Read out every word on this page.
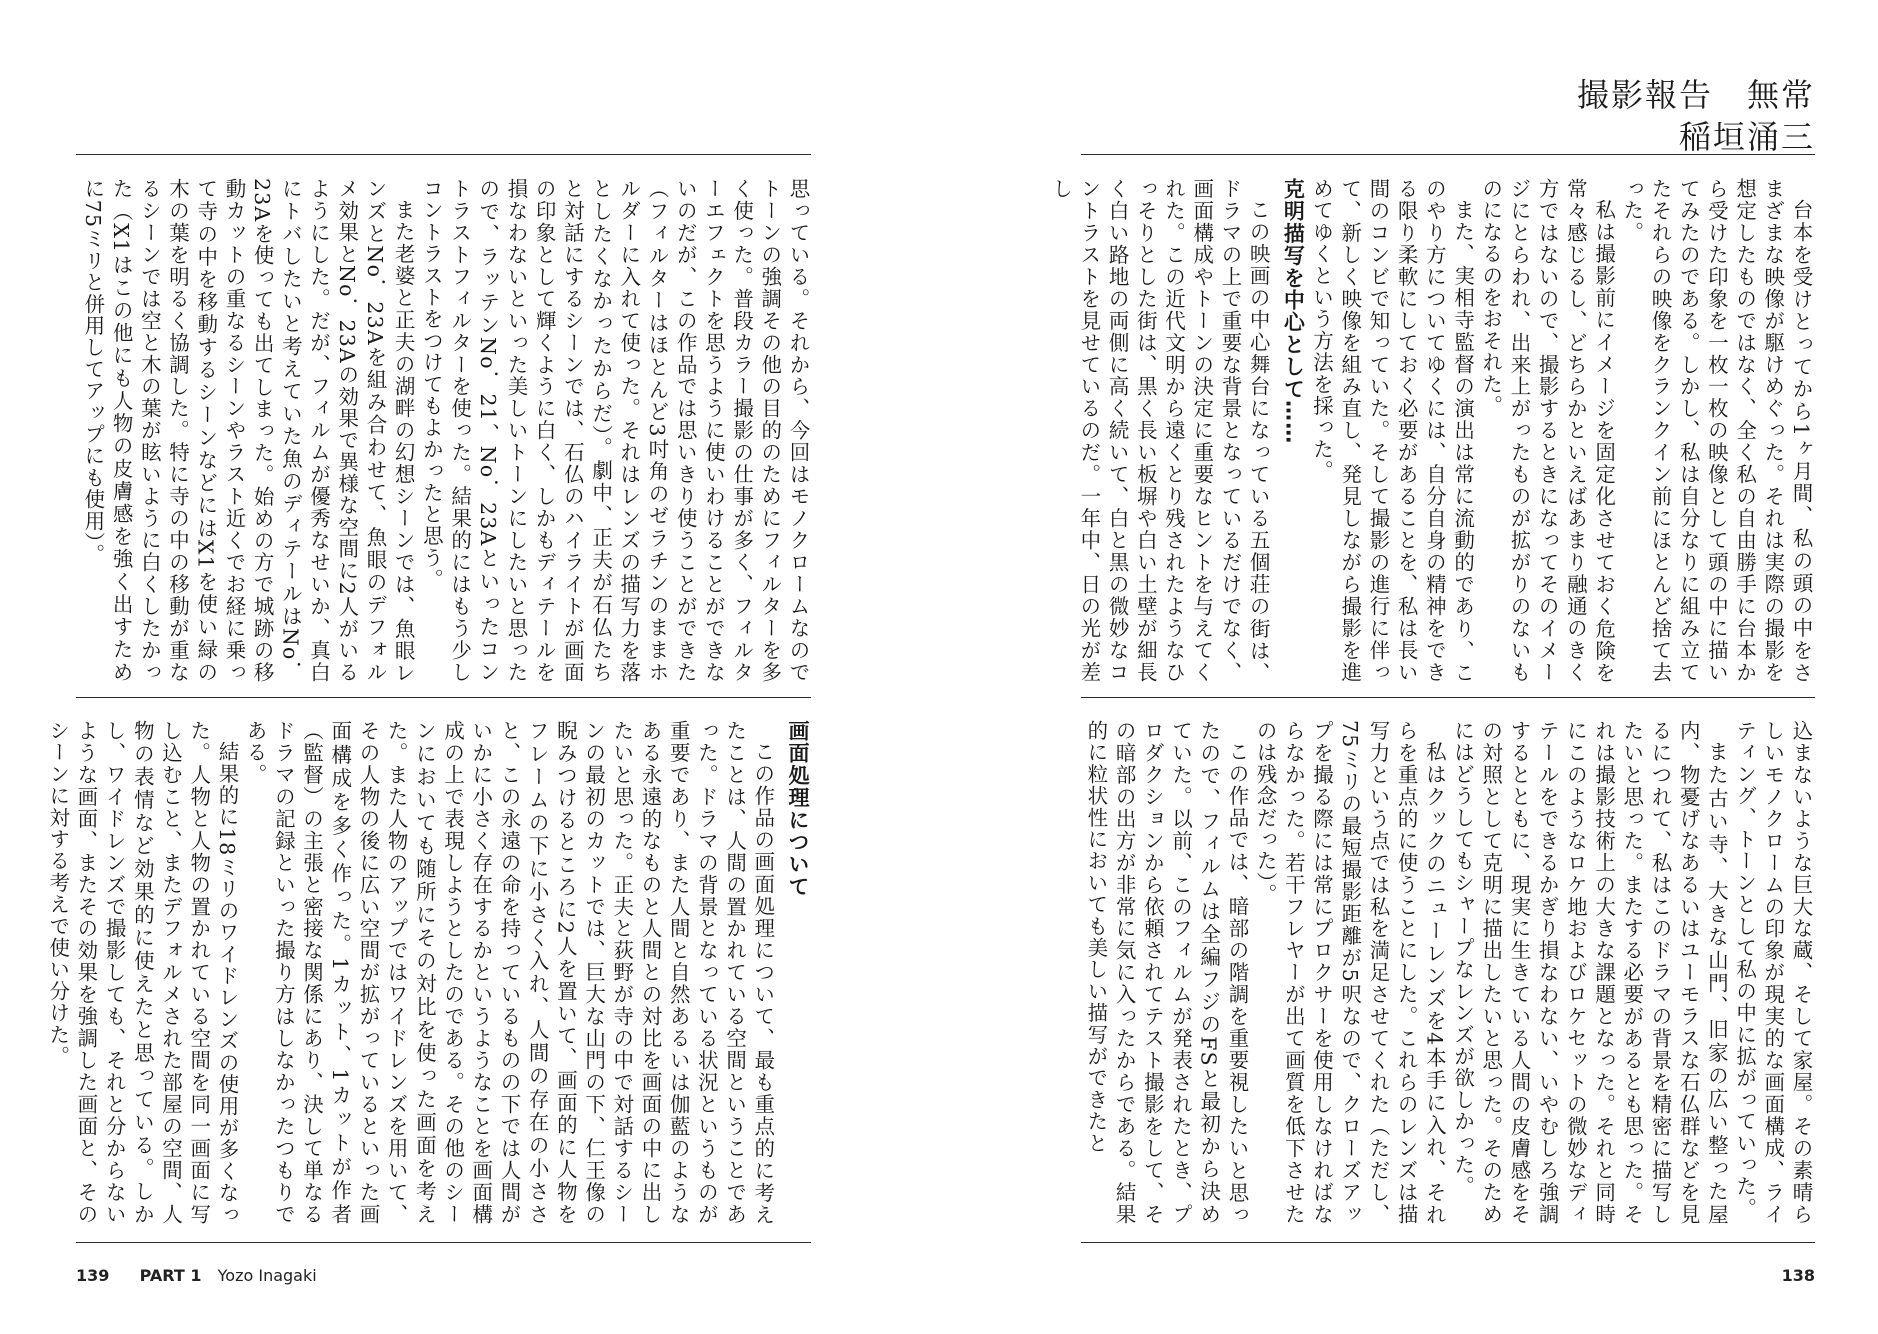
思っている。それから、今回はモノクロームなのでトーンの強調その他の目的のためにフィルターを多く使った。普段カラー撮影の仕事が多く、フィルターエフェクトを思うように使いわけることができないのだが、この作品では思いきり使うことができた（フィルターはほとんど3吋角のゼラチンのままホルダーに入れて使った。それはレンズの描写力を落としたくなかったからだ）。劇中、正夫が石仏たちと対話にするシーンでは、石仏のハイライトが画面の印象として輝くように白く、しかもディテールを損なわないといった美しいトーンにしたいと思ったので、ラッテンNo．21、No．23Aといったコントラストフィルターを使った。結果的にはもう少しコントラストをつけてもよかったと思う。

また老婆と正夫の湖畔の幻想シーンでは、魚眼レンズとNo．23Aを組み合わせて、魚眼のデフォルメ効果とNo．23Aの効果で異様な空間に2人がいるようにした。だが、フィルムが優秀なせいか、真白にトバしたいと考えていた魚のディテールはNo．23Aを使っても出てしまった。始めの方で城跡の移動カットの重なるシーンやラスト近くでお経に乗って寺の中を移動するシーンなどにはX1を使い緑の木の葉を明るく協調した。特に寺の中の移動が重なるシーンでは空と木の葉が眩いように白くしたかった（X1はこの他にも人物の皮膚感を強く出すために75ミリと併用してアップにも使用）。

画面処理について

この作品の画面処理について、最も重点的に考えたことは、人間の置かれている空間ということであった。ドラマの背景となっている状況というものが重要であり、また人間と自然あるいは伽藍のようなある永遠的なものと人間との対比を画面の中に出したいと思った。正夫と荻野が寺の中で対話するシーンの最初のカットでは、巨大な山門の下、仁王像の睨みつけるところに2人を置いて、画面的に人物をフレームの下に小さく入れ、人間の存在の小ささと、この永遠の命を持っているものの下では人間がいかに小さく存在するかというようなことを画面構成の上で表現しようとしたのである。その他のシーンにおいても随所にその対比を使った画面を考えた。また人物のアップではワイドレンズを用いて、その人物の後に広い空間が拡がっているといった画面構成を多く作った。1カット、1カットが作者（監督）の主張と密接な関係にあり、決して単なるドラマの記録といった撮り方はしなかったつもりである。

結果的に18ミリのワイドレンズの使用が多くなった。人物と人物の置かれている空間を同一画面に写し込むこと、またデフォルメされた部屋の空間、人物の表情など効果的に使えたと思っている。しかし、ワイドレンズで撮影しても、それと分からないような画面、またその効果を強調した画面と、そのシーンに対する考えで使い分けた。

139 PART 1 Yozo Inagaki
撮影報告　無常
稲垣涌三

台本を受けとってから1ヶ月間、私の頭の中をさまざまな映像が駆けめぐった。それは実際の撮影を想定したものではなく、全く私の自由勝手に台本から受けた印象を一枚一枚の映像として頭の中に描いてみたのである。しかし、私は自分なりに組み立てたそれらの映像をクランクイン前にほとんど捨て去った。

私は撮影前にイメージを固定化させておく危険を常々感じるし、どちらかといえばあまり融通のきく方ではないので、撮影するときになってそのイメージにとらわれ、出来上がったものが拡がりのないものになるのをおそれた。

また、実相寺監督の演出は常に流動的であり、このやり方についてゆくには、自分自身の精神をできる限り柔軟にしておく必要があることを、私は長い間のコンビで知っていた。そして撮影の進行に伴って、新しく映像を組み直し、発見しながら撮影を進めてゆくという方法を採った。

克明描写を中心として……

この映画の中心舞台になっている五個荘の街は、ドラマの上で重要な背景となっているだけでなく、画面構成やトーンの決定に重要なヒントを与えてくれた。この近代文明から遠くとり残されたようなひっそりとした街は、黒く長い板塀や白い土壁が細長く白い路地の両側に高く続いて、白と黒の微妙なコントラストを見せているのだ。一年中、日の光が差し

込まないような巨大な蔵、そして家屋。その素晴らしいモノクロームの印象が現実的な画面構成、ライティング、トーンとして私の中に拡がっていった。

また古い寺、大きな山門、旧家の広い整った屋内、物憂げなあるいはユーモラスな石仏群などを見るにつれて、私はこのドラマの背景を精密に描写したいと思った。またする必要があるとも思った。それは撮影技術上の大きな課題となった。それと同時にこのようなロケ地およびロケセットの微妙なディテールをできるかぎり損なわない、いやむしろ強調するとともに、現実に生きている人間の皮膚感をその対照として克明に描出したいと思った。そのためにはどうしてもシャープなレンズが欲しかった。

私はクックのニューレンズを4本手に入れ、それらを重点的に使うことにした。これらのレンズは描写力という点では私を満足させてくれた（ただし、75ミリの最短撮影距離が5呎なので、クローズアップを撮る際には常にプロクサーを使用しなければならなかった。若干フレヤーが出て画質を低下させたのは残念だった）。

この作品では、暗部の階調を重要視したいと思ったので、フィルムは全編フジのFSと最初から決めていた。以前、このフィルムが発表されたとき、プロダクションから依頼されてテスト撮影をして、その暗部の出方が非常に気に入ったからである。結果的に粒状性においても美しい描写ができたと

138
